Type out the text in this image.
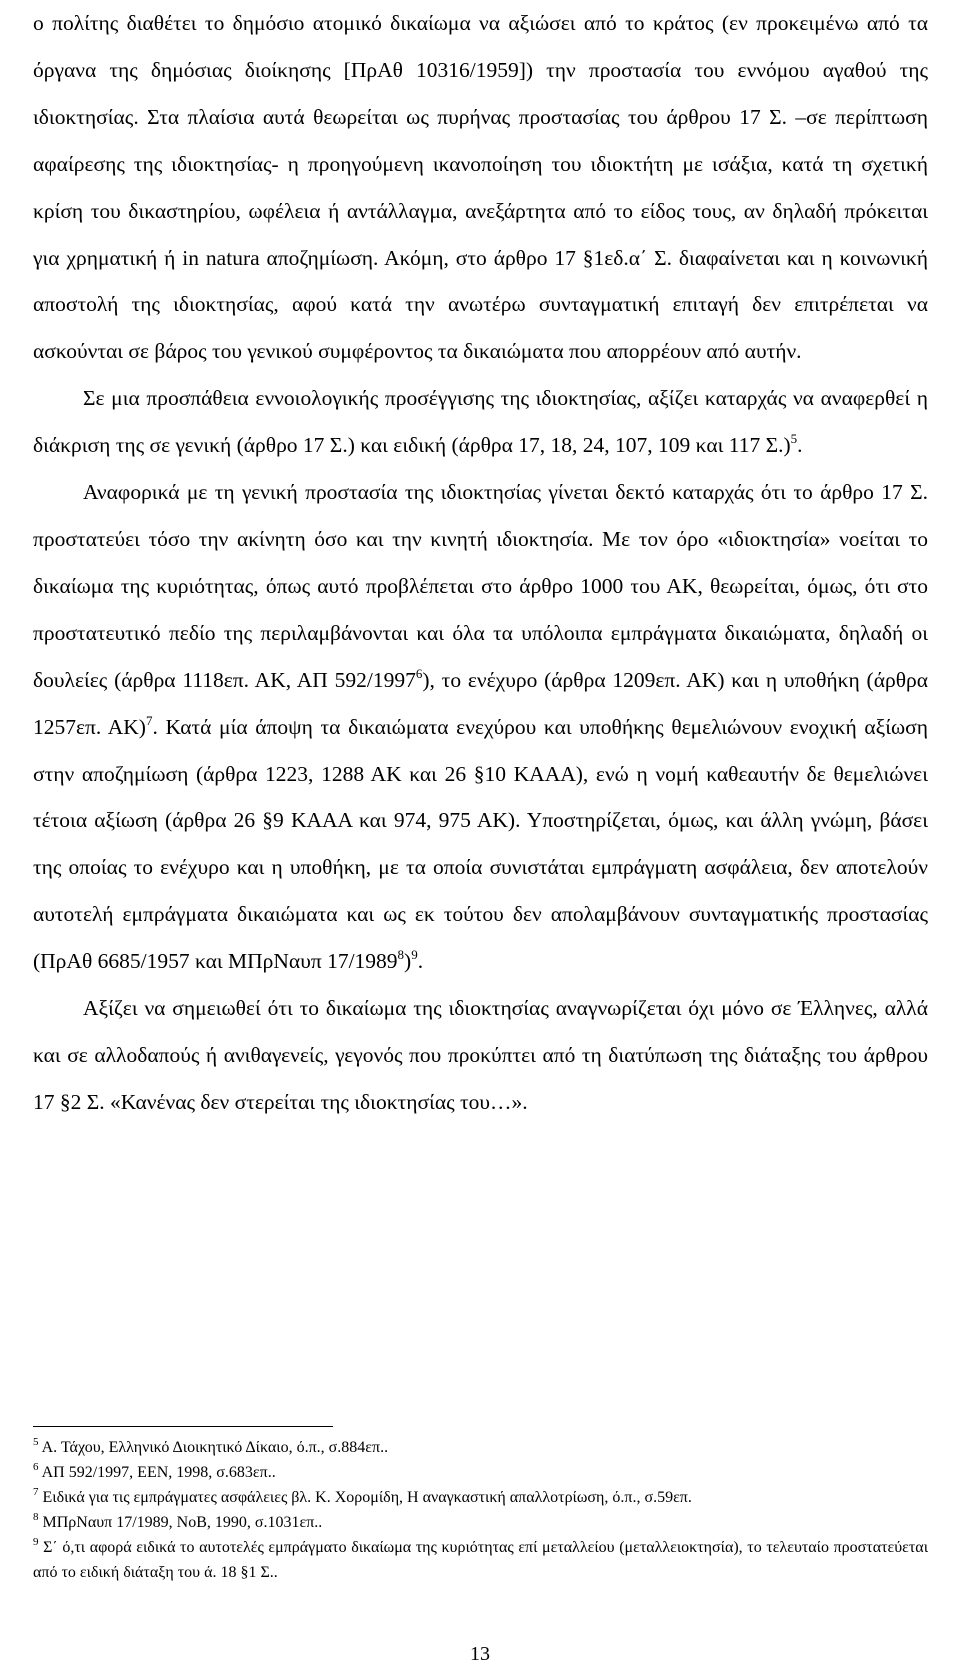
ο πολίτης διαθέτει το δημόσιο ατομικό δικαίωμα να αξιώσει από το κράτος (εν προκειμένω από τα όργανα της δημόσιας διοίκησης [ΠρΑθ 10316/1959]) την προστασία του εννόμου αγαθού της ιδιοκτησίας. Στα πλαίσια αυτά θεωρείται ως πυρήνας προστασίας του άρθρου 17 Σ. –σε περίπτωση αφαίρεσης της ιδιοκτησίας- η προηγούμενη ικανοποίηση του ιδιοκτήτη με ισάξια, κατά τη σχετική κρίση του δικαστηρίου, ωφέλεια ή αντάλλαγμα, ανεξάρτητα από το είδος τους, αν δηλαδή πρόκειται για χρηματική ή in natura αποζημίωση. Ακόμη, στο άρθρο 17 §1εδ.α΄ Σ. διαφαίνεται και η κοινωνική αποστολή της ιδιοκτησίας, αφού κατά την ανωτέρω συνταγματική επιταγή δεν επιτρέπεται να ασκούνται σε βάρος του γενικού συμφέροντος τα δικαιώματα που απορρέουν από αυτήν.

Σε μια προσπάθεια εννοιολογικής προσέγγισης της ιδιοκτησίας, αξίζει καταρχάς να αναφερθεί η διάκριση της σε γενική (άρθρο 17 Σ.) και ειδική (άρθρα 17, 18, 24, 107, 109 και 117 Σ.)$^5$.

Αναφορικά με τη γενική προστασία της ιδιοκτησίας γίνεται δεκτό καταρχάς ότι το άρθρο 17 Σ. προστατεύει τόσο την ακίνητη όσο και την κινητή ιδιοκτησία. Με τον όρο «ιδιοκτησία» νοείται το δικαίωμα της κυριότητας, όπως αυτό προβλέπεται στο άρθρο 1000 του ΑΚ, θεωρείται, όμως, ότι στο προστατευτικό πεδίο της περιλαμβάνονται και όλα τα υπόλοιπα εμπράγματα δικαιώματα, δηλαδή οι δουλείες (άρθρα 1118επ. ΑΚ, ΑΠ 592/1997$^6$), το ενέχυρο (άρθρα 1209επ. ΑΚ) και η υποθήκη (άρθρα 1257επ. ΑΚ)$^7$. Κατά μία άποψη τα δικαιώματα ενεχύρου και υποθήκης θεμελιώνουν ενοχική αξίωση στην αποζημίωση (άρθρα 1223, 1288 ΑΚ και 26 §10 ΚΑΑΑ), ενώ η νομή καθεαυτήν δε θεμελιώνει τέτοια αξίωση (άρθρα 26 §9 ΚΑΑΑ και 974, 975 ΑΚ). Υποστηρίζεται, όμως, και άλλη γνώμη, βάσει της οποίας το ενέχυρο και η υποθήκη, με τα οποία συνιστάται εμπράγματη ασφάλεια, δεν αποτελούν αυτοτελή εμπράγματα δικαιώματα και ως εκ τούτου δεν απολαμβάνουν συνταγματικής προστασίας (ΠρΑθ 6685/1957 και ΜΠρΝαυπ 17/1989$^8$)$^9$.

Αξίζει να σημειωθεί ότι το δικαίωμα της ιδιοκτησίας αναγνωρίζεται όχι μόνο σε Έλληνες, αλλά και σε αλλοδαπούς ή ανιθαγενείς, γεγονός που προκύπτει από τη διατύπωση της διάταξης του άρθρου 17 §2 Σ. «Κανένας δεν στερείται της ιδιοκτησίας του…».

$^5$ Α. Τάχου, Ελληνικό Διοικητικό Δίκαιο, ό.π., σ.884επ..
$^6$ ΑΠ 592/1997, ΕΕΝ, 1998, σ.683επ..
$^7$ Ειδικά για τις εμπράγματες ασφάλειες βλ. Κ. Χορομίδη, Η αναγκαστική απαλλοτρίωση, ό.π., σ.59επ.
$^8$ ΜΠρΝαυπ 17/1989, ΝοΒ, 1990, σ.1031επ..
$^9$ Σ΄ ό,τι αφορά ειδικά το αυτοτελές εμπράγματο δικαίωμα της κυριότητας επί μεταλλείου (μεταλλειοκτησία), το τελευταίο προστατεύεται από το ειδική διάταξη του ά. 18 §1 Σ..
13
